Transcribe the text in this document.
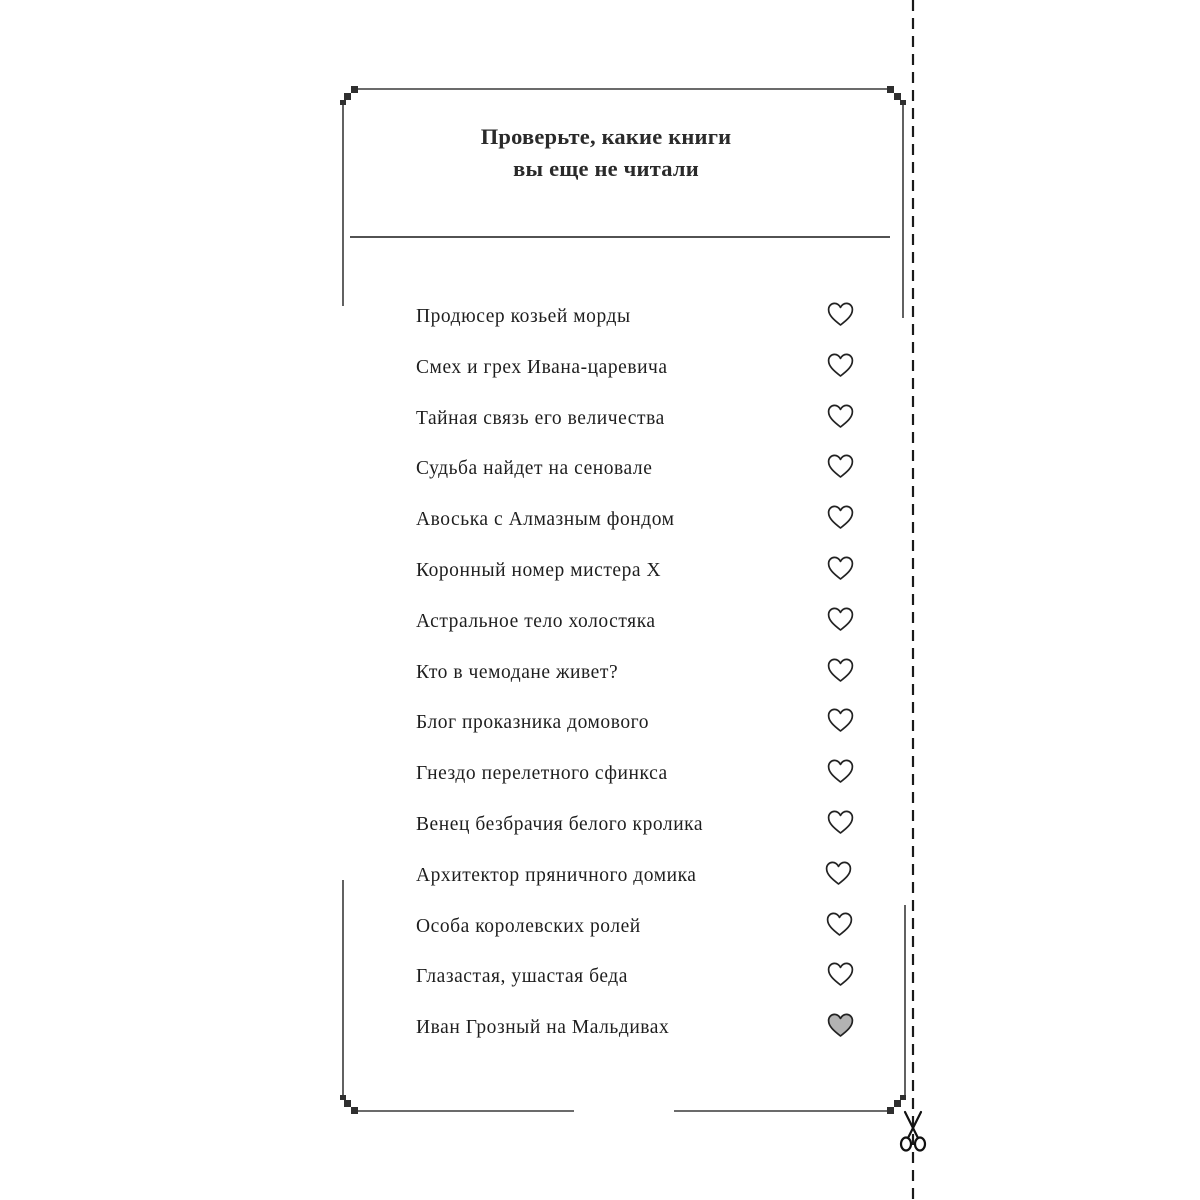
Проверьте, какие книги
вы еще не читали
Продюсер козьей морды
Смех и грех Ивана-царевича
Тайная связь его величества
Судьба найдет на сеновале
Авоська с Алмазным фондом
Коронный номер мистера Х
Астральное тело холостяка
Кто в чемодане живет?
Блог проказника домового
Гнездо перелетного сфинкса
Венец безбрачия белого кролика
Архитектор пряничного домика
Особа королевских ролей
Глазастая, ушастая беда
Иван Грозный на Мальдивах
